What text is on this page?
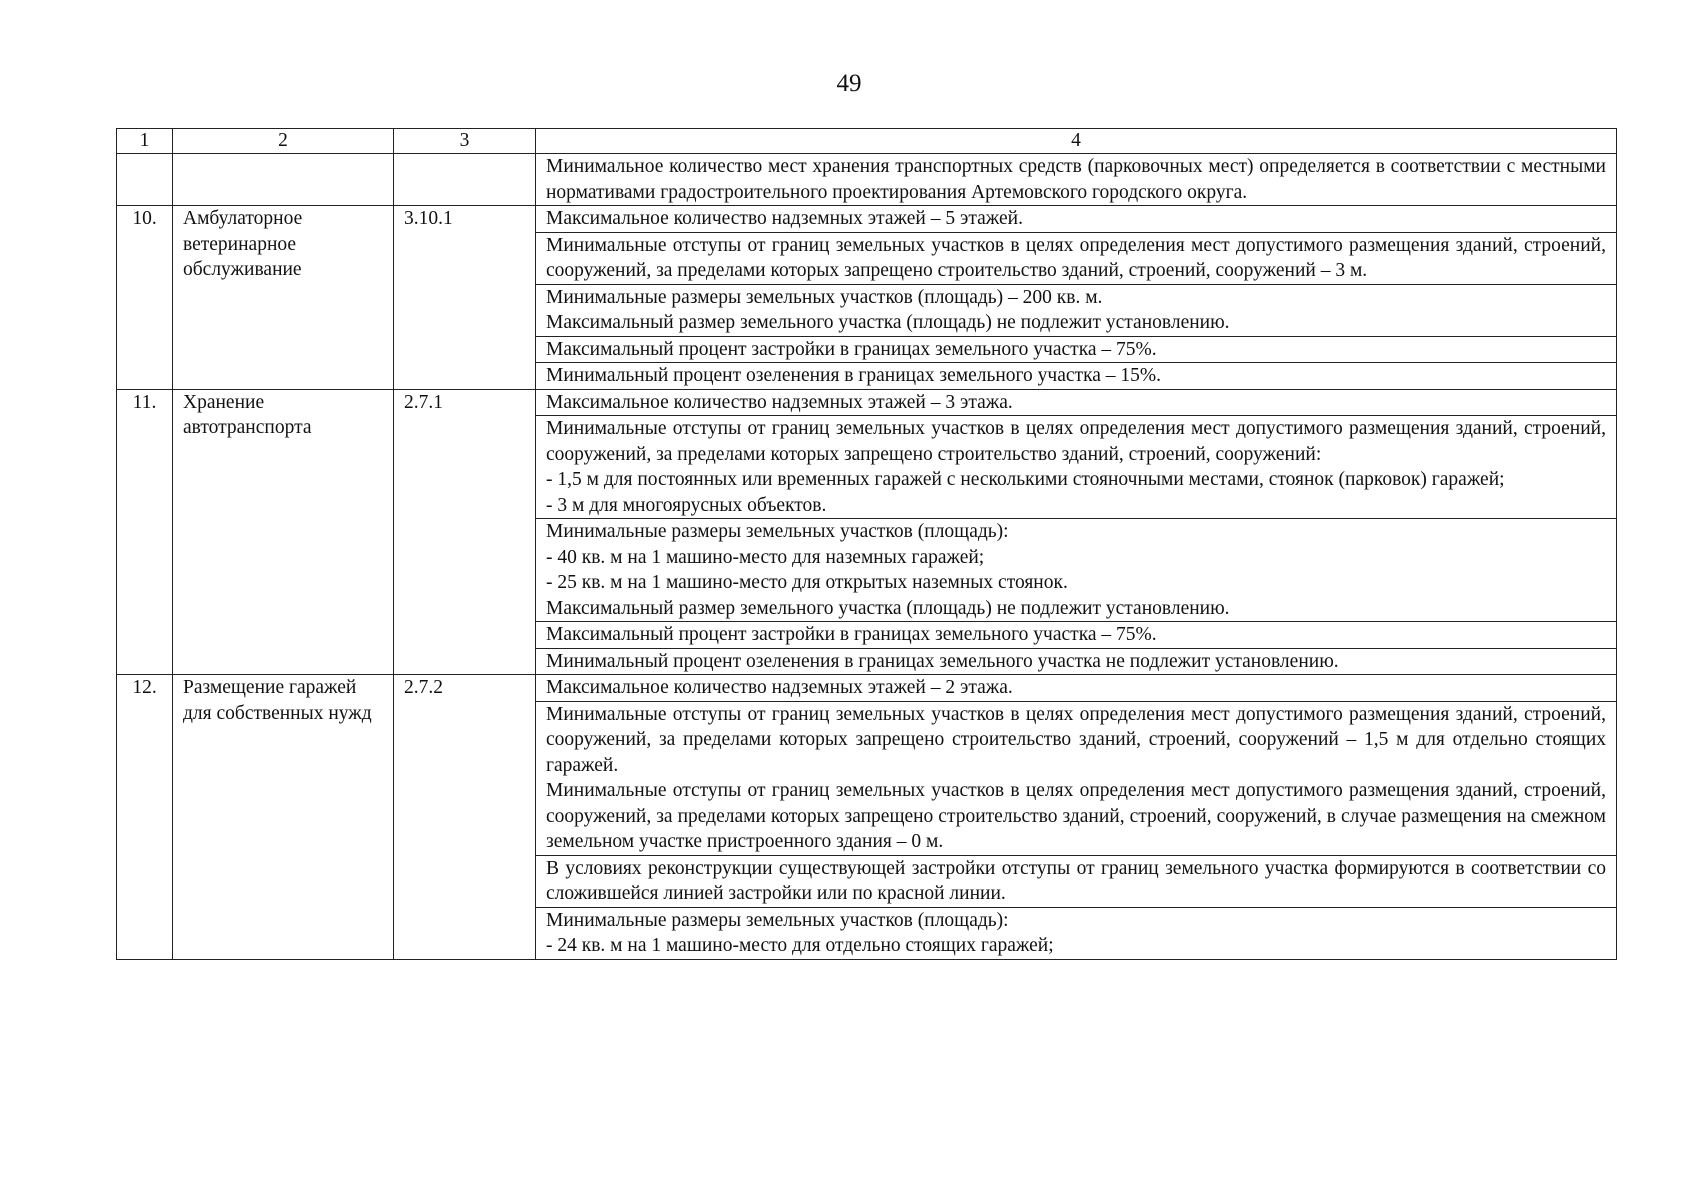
49
1	2	3	4
			Минимальное количество мест хранения транспортных средств (парковочных мест) определяется в соответствии с местными нормативами градостроительного проектирования Артемовского городского округа.
10.	Амбулаторное ветеринарное обслуживание	3.10.1	Максимальное количество надземных этажей – 5 этажей.
			Минимальные отступы от границ земельных участков в целях определения мест допустимого размещения зданий, строений, сооружений, за пределами которых запрещено строительство зданий, строений, сооружений – 3 м.

			Минимальные размеры земельных участков (площадь) – 200 кв. м.
Максимальный размер земельного участка (площадь) не подлежит установлению.

			Максимальный процент застройки в границах земельного участка – 75%.
			Минимальный процент озеленения в границах земельного участка – 15%.
11.	Хранение автотранспорта	2.7.1	Максимальное количество надземных этажей – 3 этажа.

			Минимальные отступы от границ земельных участков в целях определения мест допустимого размещения зданий, строений, сооружений, за пределами которых запрещено строительство зданий, строений, сооружений:
- 1,5 м для постоянных или временных гаражей с несколькими стояночными местами, стоянок (парковок) гаражей;
- 3 м для многоярусных объектов.

			Минимальные размеры земельных участков (площадь):
- 40 кв. м на 1 машино-место для наземных гаражей;
- 25 кв. м на 1 машино-место для открытых наземных стоянок.
Максимальный размер земельного участка (площадь) не подлежит установлению.

			Максимальный процент застройки в границах земельного участка – 75%.
			Минимальный процент озеленения в границах земельного участка не подлежит установлению.
12.	Размещение гаражей для собственных нужд	2.7.2	Максимальное количество надземных этажей – 2 этажа.

			Минимальные отступы от границ земельных участков в целях определения мест допустимого размещения зданий, строений, сооружений, за пределами которых запрещено строительство зданий, строений, сооружений – 1,5 м для отдельно стоящих гаражей.
Минимальные отступы от границ земельных участков в целях определения мест допустимого размещения зданий, строений, сооружений, за пределами которых запрещено строительство зданий, строений, сооружений, в случае размещения на смежном земельном участке пристроенного здания – 0 м.

			В условиях реконструкции существующей застройки отступы от границ земельного участка формируются в соответствии со сложившейся линией застройки или по красной линии.

			Минимальные размеры земельных участков (площадь):
- 24 кв. м на 1 машино-место для отдельно стоящих гаражей;
